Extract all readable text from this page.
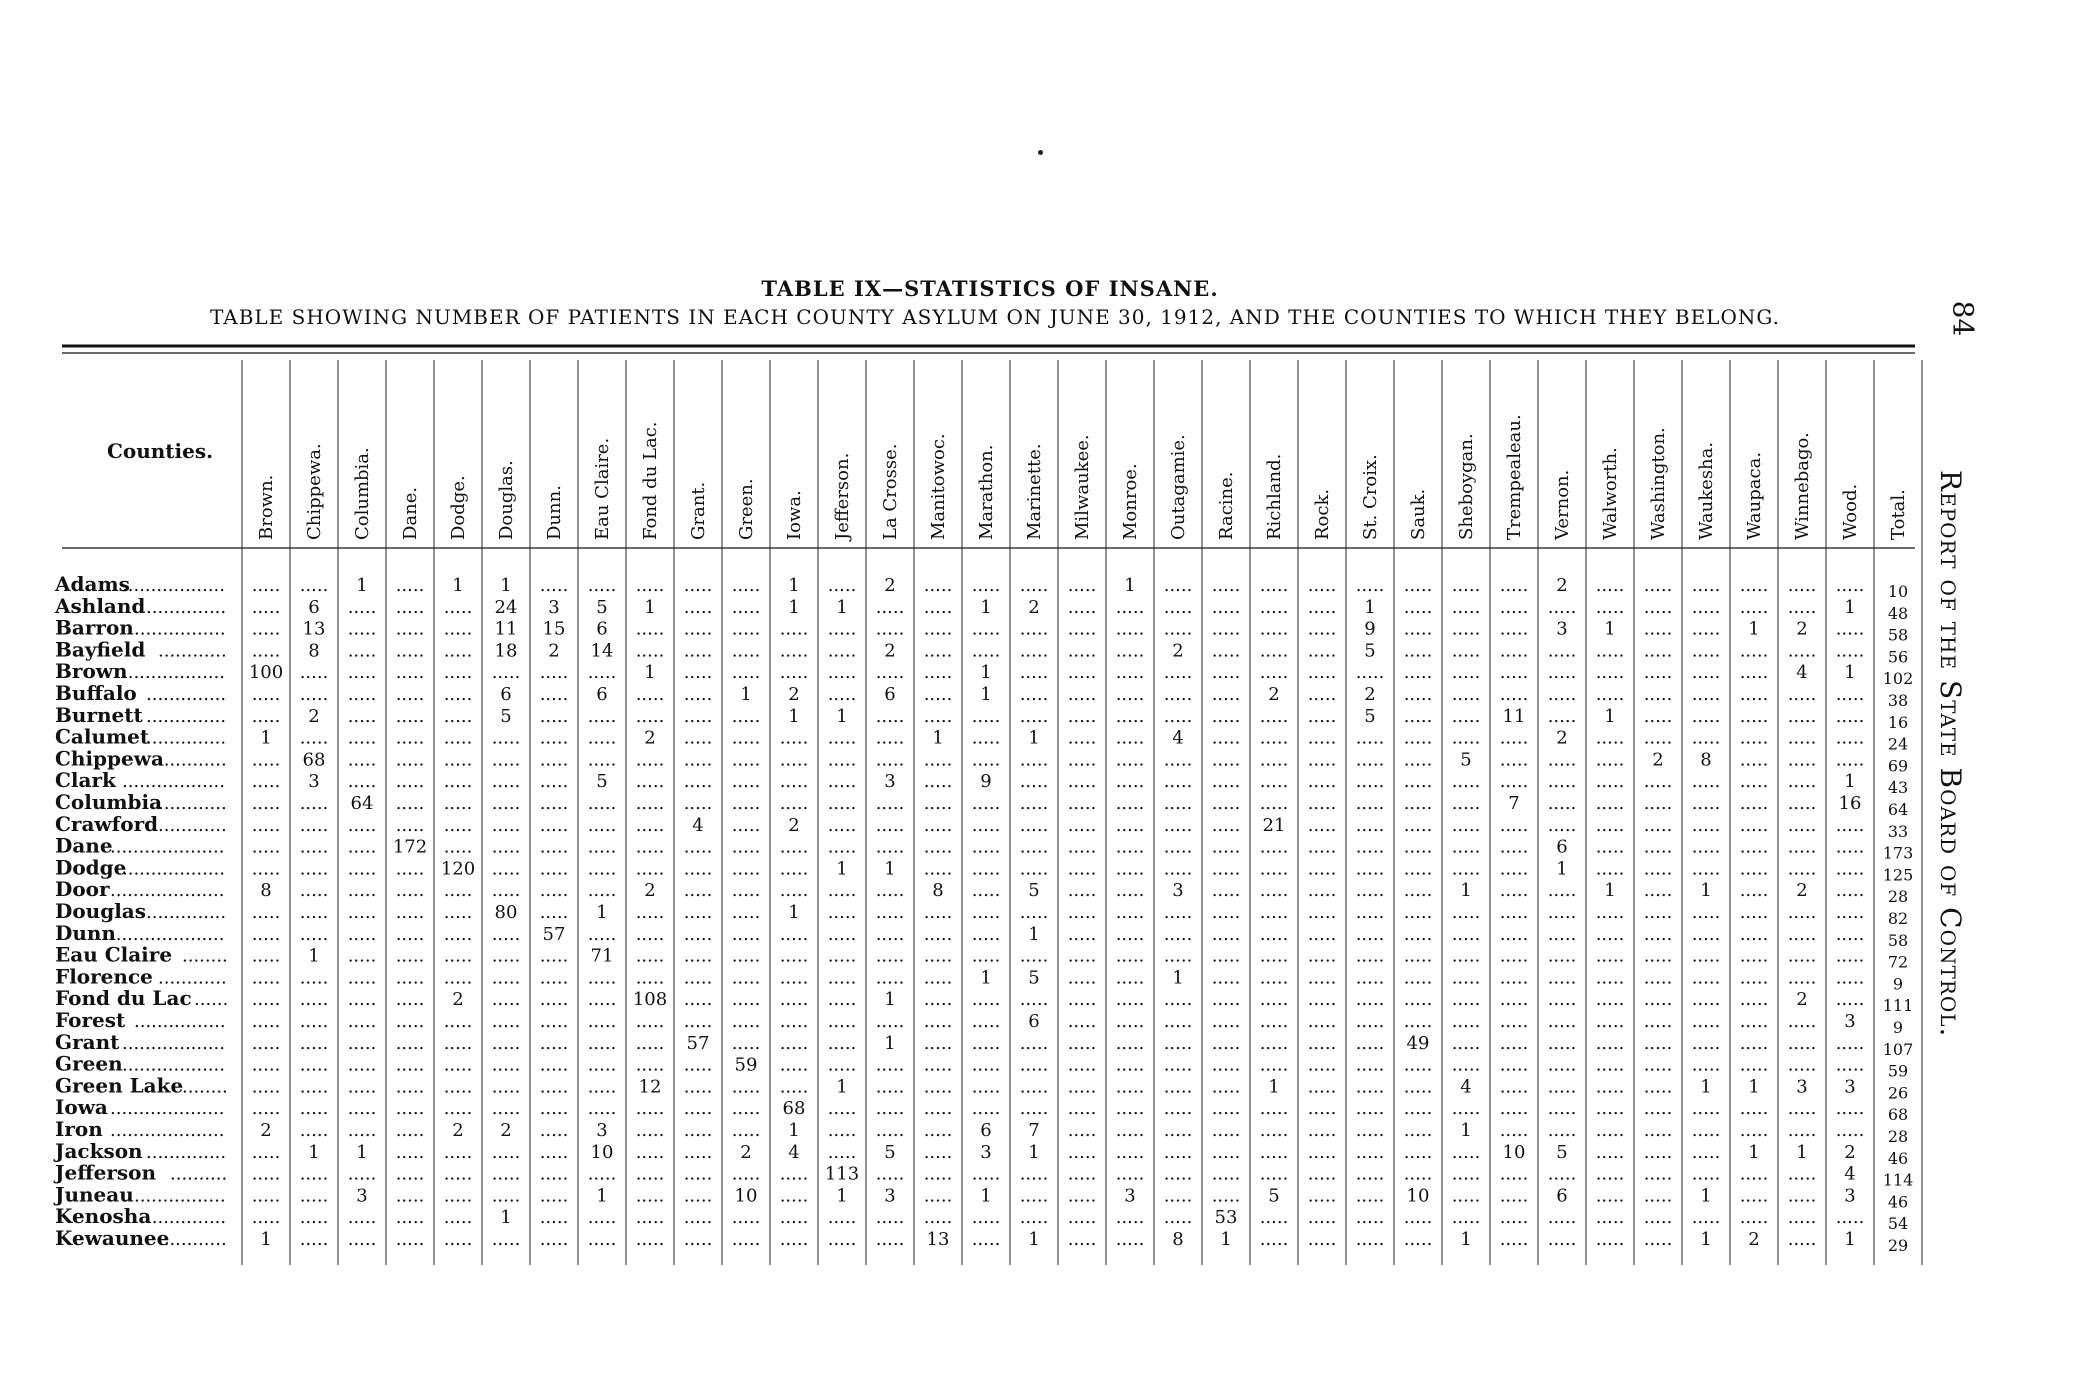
TABLE IX—STATISTICS OF INSANE.
TABLE SHOWING NUMBER OF PATIENTS IN EACH COUNTY ASYLUM ON JUNE 30, 1912, AND THE COUNTIES TO WHICH THEY BELONG.	84
Report of the State Board of Control.
Counties.
Brown. Chippewa. Columbia. Dane. Dodge. Douglas. Dunn. Eau Claire. Fond du Lac. Grant. Green. Iowa. Jefferson. La Crosse. Manitowoc. Marathon. Marinette. Milwaukee. Monroe. Outagamie. Racine. Richland. Rock. St. Croix. Sauk. Sheboygan. Trempealeau. Vernon. Walworth. Washington. Waukesha. Waupaca. Winnebago. Wood. Total.
Adams
.................. ..... ..... 1 ..... 1 1 ..... ..... ..... ..... ..... 1 ..... 2 ..... ..... ..... ..... 1 ..... ..... ..... ..... ..... ..... ..... ..... 2 ..... ..... ..... ..... ..... ..... 10
Ashland .............. ..... 6 ..... ..... ..... 24 3 5 1 ..... ..... 1 1 ..... ..... 1 2 ..... ..... ..... ..... ..... ..... 1 ..... ..... ..... ..... ..... ..... ..... ..... ..... 1 48
Barron ................ ..... 13 ..... ..... ..... 11 15 6 ..... ..... ..... ..... ..... ..... ..... ..... ..... ..... ..... ..... ..... ..... ..... 9 ..... ..... ..... 3 1 ..... ..... 1 2 ..... 58
Bayfield ............ ..... 8 ..... ..... ..... 18 2 14 ..... ..... ..... ..... ..... 2 ..... ..... ..... ..... ..... 2 ..... ..... ..... 5 ..... ..... ..... ..... ..... ..... ..... ..... ..... ..... 56
Brown
.................. 100 ..... ..... ..... ..... ..... ..... ..... 1 ..... ..... ..... ..... ..... ..... 1 ..... ..... ..... ..... ..... ..... ..... ..... ..... ..... ..... ..... ..... ..... ..... ..... 4 1 102
Buffalo .............. ..... ..... ..... ..... ..... 6 ..... 6 ..... ..... 1 2 ..... 6 ..... 1 ..... ..... ..... ..... ..... 2 ..... 2 ..... ..... ..... ..... ..... ..... ..... ..... ..... ..... 38
Burnett .............. ..... 2 ..... ..... ..... 5 ..... ..... ..... ..... ..... 1 1 ..... ..... ..... ..... ..... ..... ..... ..... ..... ..... 5 ..... ..... 11 ..... 1 ..... ..... ..... ..... ..... 16
Calumet
.............. 1 ..... ..... ..... ..... ..... ..... ..... 2 ..... ..... ..... ..... ..... 1 ..... 1 ..... ..... 4 ..... ..... ..... ..... ..... ..... ..... 2 ..... ..... ..... ..... ..... ..... 24
Chippewa
............ ..... 68 ..... ..... ..... ..... ..... ..... ..... ..... ..... ..... ..... ..... ..... ..... ..... ..... ..... ..... ..... ..... ..... ..... ..... 5 ..... ..... ..... 2 8 ..... ..... ..... 69
Clark .................. ..... 3 ..... ..... ..... ..... ..... 5 ..... ..... ..... ..... ..... 3 ..... 9 ..... ..... ..... ..... ..... ..... ..... ..... ..... ..... ..... ..... ..... ..... ..... ..... ..... 1 43
Columbia
............ ..... ..... 64 ..... ..... ..... ..... ..... ..... ..... ..... ..... ..... ..... ..... ..... ..... ..... ..... ..... ..... ..... ..... ..... ..... ..... 7 ..... ..... ..... ..... ..... ..... 16 64
Crawford ............ ..... ..... ..... ..... ..... ..... ..... ..... ..... 4 ..... 2 ..... ..... ..... ..... ..... ..... ..... ..... ..... 21 ..... ..... ..... ..... ..... ..... ..... ..... ..... ..... ..... ..... 33
Dane
.................... ..... ..... ..... 172 ..... ..... ..... ..... ..... ..... ..... ..... ..... ..... ..... ..... ..... ..... ..... ..... ..... ..... ..... ..... ..... ..... ..... 6 ..... ..... ..... ..... ..... ..... 173
Dodge
.................. ..... ..... ..... ..... 120 ..... ..... ..... ..... ..... ..... ..... 1 1 ..... ..... ..... ..... ..... ..... ..... ..... ..... ..... ..... ..... ..... 1 ..... ..... ..... ..... ..... ..... 125
Door .................... 8 ..... ..... ..... ..... ..... ..... ..... 2 ..... ..... ..... ..... ..... 8 ..... 5 ..... ..... 3 ..... ..... ..... ..... ..... 1 ..... ..... 1 ..... 1 ..... 2 ..... 28
Douglas .............. ..... ..... ..... ..... ..... 80 ..... 1 ..... ..... ..... 1 ..... ..... ..... ..... ..... ..... ..... ..... ..... ..... ..... ..... ..... ..... ..... ..... ..... ..... ..... ..... ..... ..... 82
Dunn
.................... ..... ..... ..... ..... ..... ..... 57 ..... ..... ..... ..... ..... ..... ..... ..... ..... 1 ..... ..... ..... ..... ..... ..... ..... ..... ..... ..... ..... ..... ..... ..... ..... ..... ..... 58
Eau Claire ........ ..... 1 ..... ..... ..... ..... ..... 71 ..... ..... ..... ..... ..... ..... ..... ..... ..... ..... ..... ..... ..... ..... ..... ..... ..... ..... ..... ..... ..... ..... ..... ..... ..... ..... 72
Florence ............ ..... ..... ..... ..... ..... ..... ..... ..... ..... ..... ..... ..... ..... ..... ..... 1 5 ..... ..... 1 ..... ..... ..... ..... ..... ..... ..... ..... ..... ..... ..... ..... ..... ..... 9
Fond du Lac ...... ..... ..... ..... ..... 2 ..... ..... ..... 108 ..... ..... ..... ..... 1 ..... ..... ..... ..... ..... ..... ..... ..... ..... ..... ..... ..... ..... ..... ..... ..... ..... ..... 2 ..... 111
Forest ................ ..... ..... ..... ..... ..... ..... ..... ..... ..... ..... ..... ..... ..... ..... ..... ..... 6 ..... ..... ..... ..... ..... ..... ..... ..... ..... ..... ..... ..... ..... ..... ..... ..... 3 9
Grant .................. ..... ..... ..... ..... ..... ..... ..... ..... ..... 57 ..... ..... ..... 1 ..... ..... ..... ..... ..... ..... ..... ..... ..... ..... 49 ..... ..... ..... ..... ..... ..... ..... ..... ..... 107
Green .................. ..... ..... ..... ..... ..... ..... ..... ..... ..... ..... 59 ..... ..... ..... ..... ..... ..... ..... ..... ..... ..... ..... ..... ..... ..... ..... ..... ..... ..... ..... ..... ..... ..... ..... 59
Green Lake
........ ..... ..... ..... ..... ..... ..... ..... ..... 12 ..... ..... ..... 1 ..... ..... ..... ..... ..... ..... ..... ..... 1 ..... ..... ..... 4 ..... ..... ..... ..... 1 1 3 3 26
Iowa .................... ..... ..... ..... ..... ..... ..... ..... ..... ..... ..... ..... 68 ..... ..... ..... ..... ..... ..... ..... ..... ..... ..... ..... ..... ..... ..... ..... ..... ..... ..... ..... ..... ..... ..... 68
Iron .................... 2 ..... ..... ..... 2 2 ..... 3 ..... ..... ..... 1 ..... ..... ..... 6 7 ..... ..... ..... ..... ..... ..... ..... ..... 1 ..... ..... ..... ..... ..... ..... ..... ..... 28
Jackson .............. ..... 1 1 ..... ..... ..... ..... 10 ..... ..... 2 4 ..... 5 ..... 3 1 ..... ..... ..... ..... ..... ..... ..... ..... ..... 10 5 ..... ..... ..... 1 1 2 46
Jefferson .......... ..... ..... ..... ..... ..... ..... ..... ..... ..... ..... ..... ..... 113 ..... ..... ..... ..... ..... ..... ..... ..... ..... ..... ..... ..... ..... ..... ..... ..... ..... ..... ..... ..... 4 114
Juneau ................ ..... ..... 3 ..... ..... ..... ..... 1 ..... ..... 10 ..... 1 3 ..... 1 ..... ..... 3 ..... ..... 5 ..... ..... 10 ..... ..... 6 ..... ..... 1 ..... ..... 3 46
Kenosha
.............. ..... ..... ..... ..... ..... 1 ..... ..... ..... ..... ..... ..... ..... ..... ..... ..... ..... ..... ..... ..... 53 ..... ..... ..... ..... ..... ..... ..... ..... ..... ..... ..... ..... ..... 54
Kewaunee
............ 1 ..... ..... ..... ..... ..... ..... ..... ..... ..... ..... ..... ..... ..... 13 ..... 1 ..... ..... 8 1 ..... ..... ..... ..... 1 ..... ..... ..... ..... 1 2 ..... 1 29
